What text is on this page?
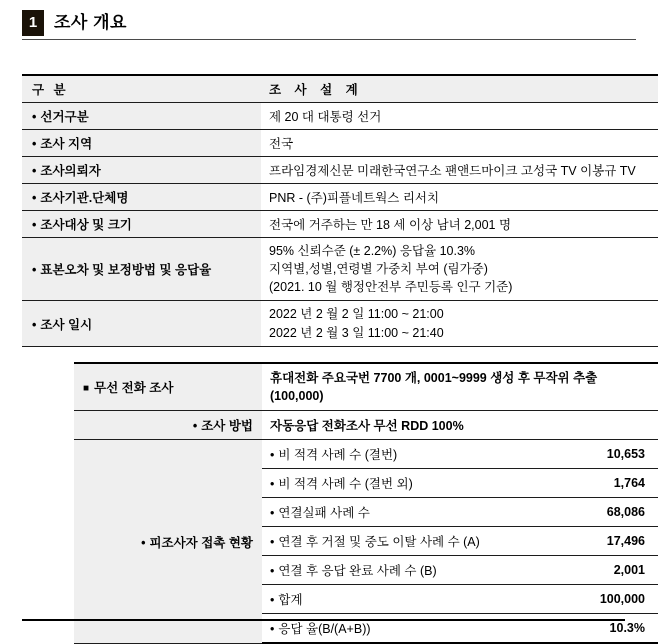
1 조사 개요
구 분	조 사 설 계
• 선거구분	제 20 대 대통령 선거
• 조사 지역	전국
• 조사의뢰자	프라임경제신문 미래한국연구소 팬앤드마이크 고성국 TV 이봉규 TV
• 조사기관.단체명	PNR - (주)피플네트웍스 리서치
• 조사대상 및 크기	전국에 거주하는 만 18 세 이상 남녀 2,001 명
• 표본오차 및 보정방법 및 응답율	95% 신뢰수준 (± 2.2%) 응답율 10.3%
지역별,성별,연령별 가중치 부여 (림가중)
(2021. 10 월 행정안전부 주민등록 인구 기준)

• 조사 일시	2022 년 2 월 2 일 11:00 ~ 21:00
2022 년 2 월 3 일 11:00 ~ 21:40
■ 무선 전화 조사	휴대전화 주요국번 7700 개, 0001~9999 생성 후 무작위 추출
(100,000)

• 조사 방법	자동응답 전화조사 무선 RDD 100%

• 피조사자 접촉 현황	• 비 적격 사례 수 (결번) 10,653

	• 비 적격 사례 수 (결번 외) 1,764

	• 연결실패 사례 수 68,086

	• 연결 후 거절 및 중도 이탈 사례 수 (A) 17,496

	• 연결 후 응답 완료 사례 수 (B) 2,001

	• 합계 100,000

	• 응답 율(B/(A+B)) 10.3%
